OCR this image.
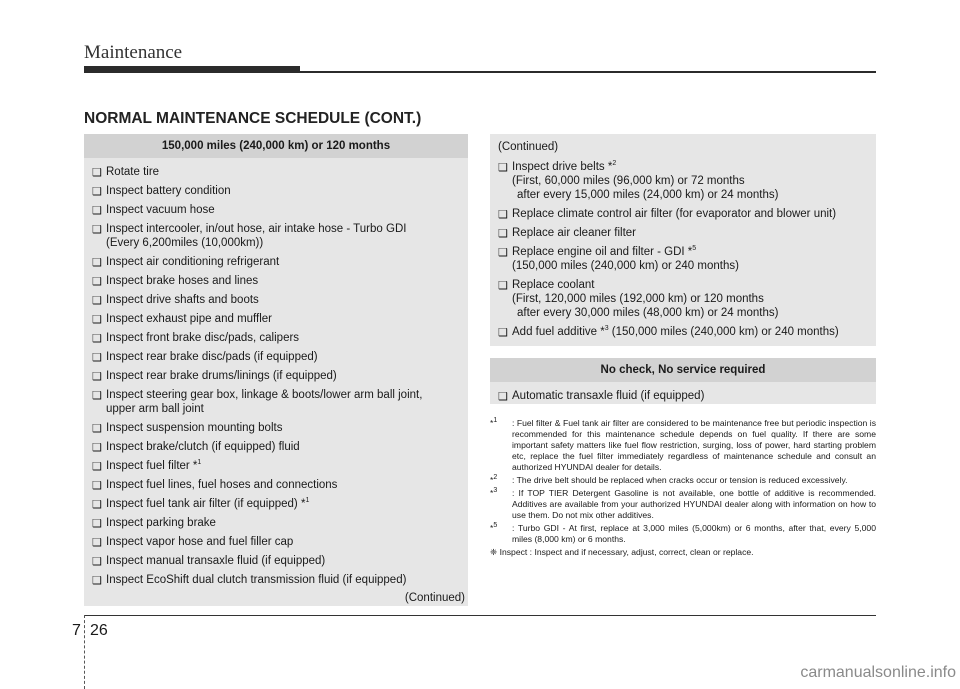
Maintenance
NORMAL MAINTENANCE SCHEDULE (CONT.)
150,000 miles (240,000 km) or 120 months
❑ Rotate tire
❑ Inspect battery condition
❑ Inspect vacuum hose
❑ Inspect intercooler, in/out hose, air intake hose - Turbo GDI
(Every 6,200miles (10,000km))
❑ Inspect air conditioning refrigerant
❑ Inspect brake hoses and lines
❑ Inspect drive shafts and boots
❑ Inspect exhaust pipe and muffler
❑ Inspect front brake disc/pads, calipers
❑ Inspect rear brake disc/pads (if equipped)
❑ Inspect rear brake drums/linings (if equipped)
❑ Inspect steering gear box, linkage & boots/lower arm ball joint,
upper arm ball joint
❑ Inspect suspension mounting bolts
❑ Inspect brake/clutch (if equipped) fluid
❑ Inspect fuel filter *$^1$
❑ Inspect fuel lines, fuel hoses and connections
❑ Inspect fuel tank air filter (if equipped) *$^1$
❑ Inspect parking brake
❑ Inspect vapor hose and fuel filler cap
❑ Inspect manual transaxle fluid (if equipped)
❑ Inspect EcoShift dual clutch transmission fluid (if equipped)
(Continued)
(Continued)
❑ Inspect drive belts *$^2$
(First, 60,000 miles (96,000 km) or 72 months
after every 15,000 miles (24,000 km) or 24 months)
❑ Replace climate control air filter (for evaporator and blower unit)
❑ Replace air cleaner filter
❑ Replace engine oil and filter - GDI *$^5$
(150,000 miles (240,000 km) or 240 months)
❑ Replace coolant
(First, 120,000 miles (192,000 km) or 120 months
after every 30,000 miles (48,000 km) or 24 months)
❑ Add fuel additive *$^3$ (150,000 miles (240,000 km) or 240 months)
No check, No service required
❑ Automatic transaxle fluid (if equipped)
*$^1$ : Fuel filter & Fuel tank air filter are considered to be maintenance free but periodic inspection is recommended for this maintenance schedule depends on fuel quality. If there are some important safety matters like fuel flow restriction, surging, loss of power, hard starting problem etc, replace the fuel filter immediately regardless of maintenance schedule and consult an authorized HYUNDAI dealer for details.
*$^2$ : The drive belt should be replaced when cracks occur or tension is reduced excessively.
*$^3$ : If TOP TIER Detergent Gasoline is not available, one bottle of additive is recommended. Additives are available from your authorized HYUNDAI dealer along with information on how to use them. Do not mix other additives.
*$^5$ : Turbo GDI - At first, replace at 3,000 miles (5,000km) or 6 months, after that, every 5,000 miles (8,000 km) or 6 months.
❈ Inspect : Inspect and if necessary, adjust, correct, clean or replace.
7 26
carmanualsonline.info
